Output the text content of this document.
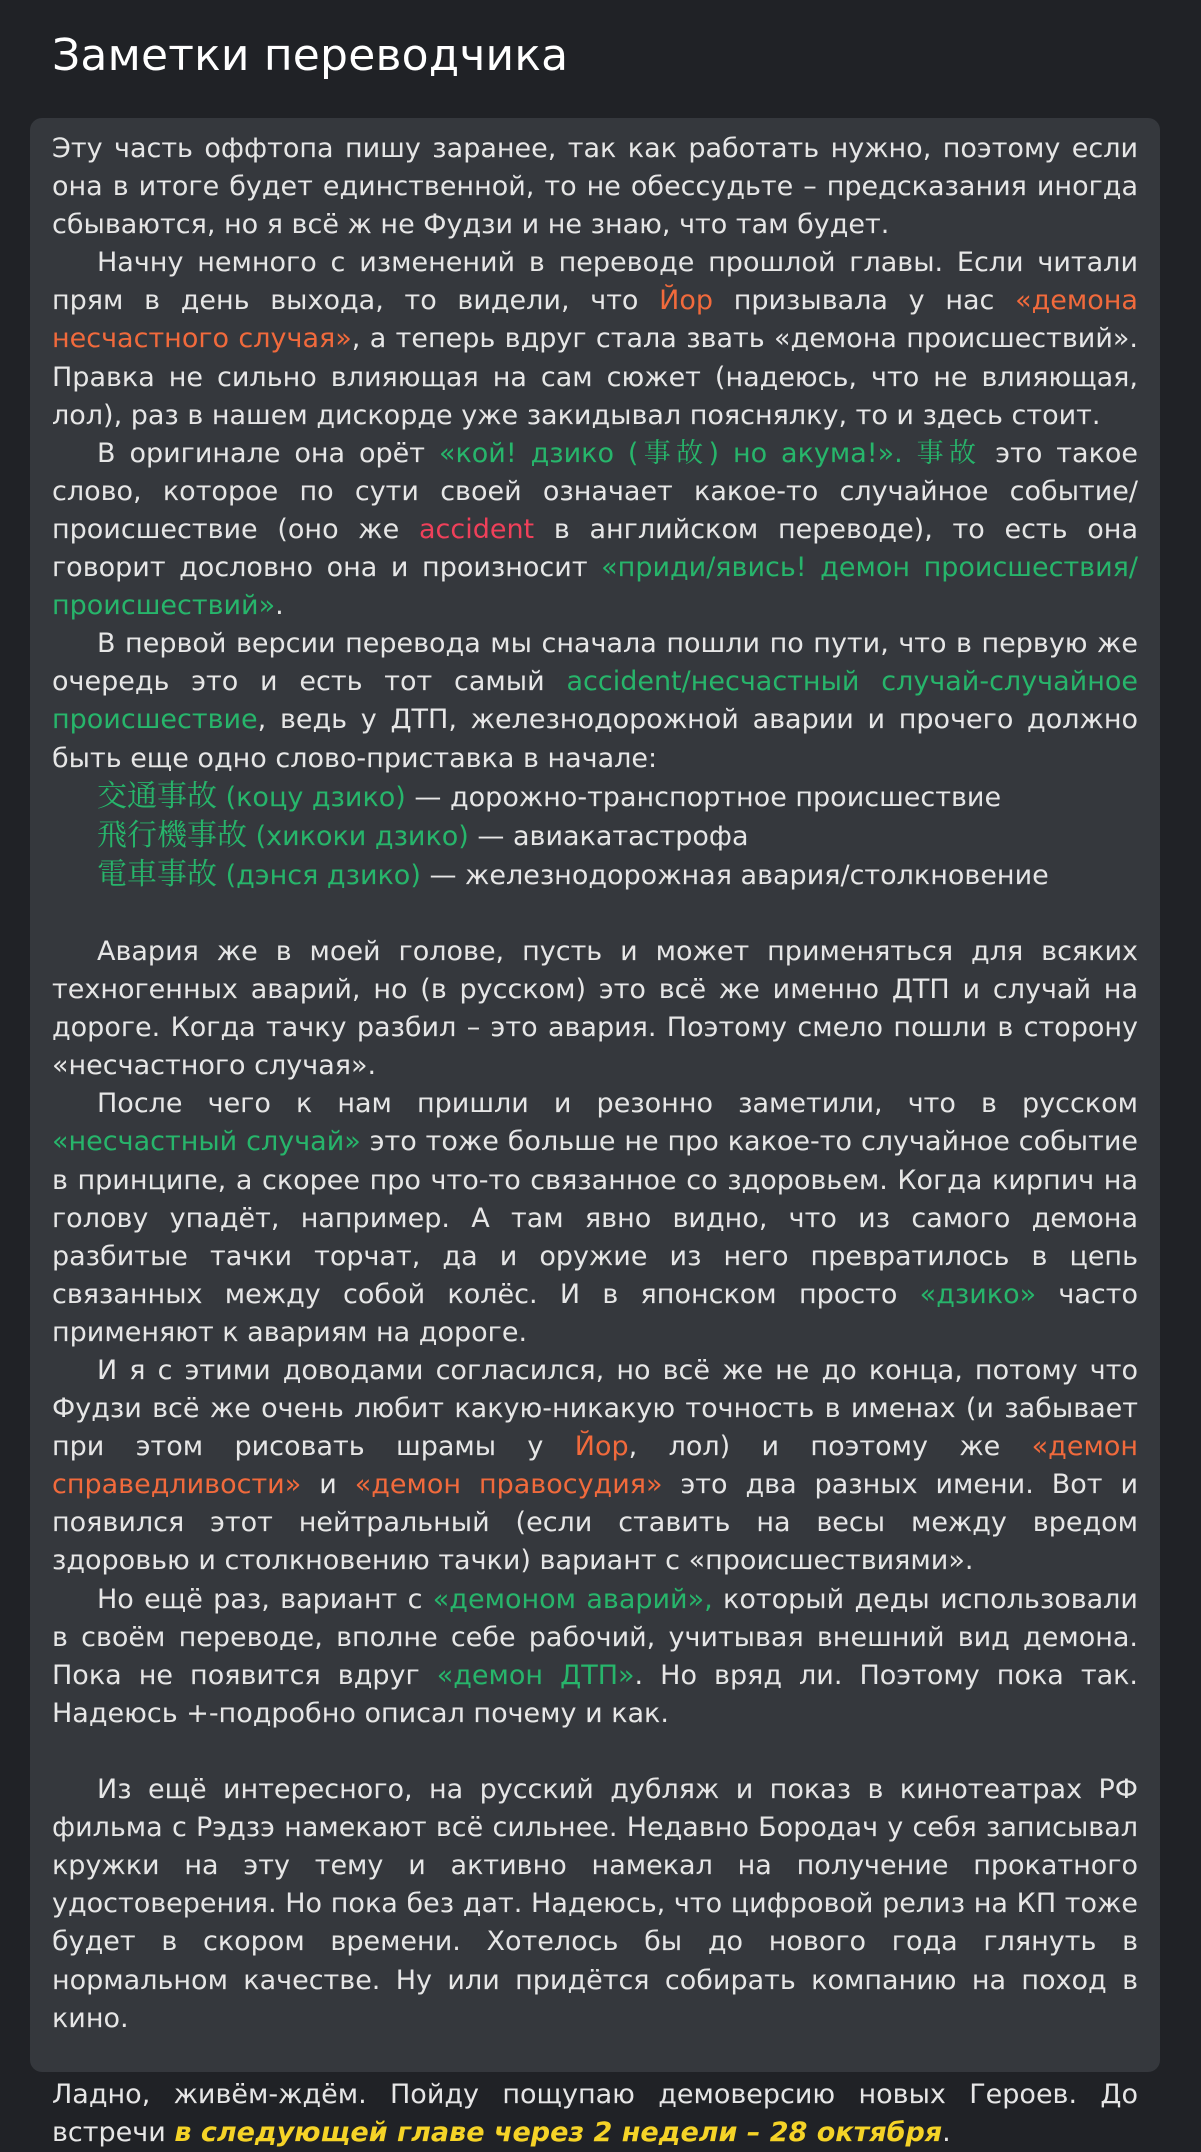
Заметки переводчика

Эту часть оффтопа пишу заранее, так как работать нужно, поэтому если она в итоге будет единственной, то не обессудьте – предсказания иногда сбываются, но я всё ж не Фудзи и не знаю, что там будет.

Начну немного с изменений в переводе прошлой главы. Если читали прям в день выхода, то видели, что Йор призывала у нас «демона несчастного случая», а теперь вдруг стала звать «демона происшествий». Правка не сильно влияющая на сам сюжет (надеюсь, что не влияющая, лол), раз в нашем дискорде уже закидывал пояснялку, то и здесь стоит.

В оригинале она орёт «кой! дзико (事故) но акума!». 事故 это такое слово, которое по сути своей означает какое-то случайное событие/происшествие (оно же accident в английском переводе), то есть она говорит дословно она и произносит «приди/явись! демон происшествия/происшествий».

В первой версии перевода мы сначала пошли по пути, что в первую же очередь это и есть тот самый accident/несчастный случай-случайное происшествие, ведь у ДТП, железнодорожной аварии и прочего должно быть еще одно слово-приставка в начале:

交通事故 (коцу дзико) — дорожно-транспортное происшествие

飛行機事故 (хикоки дзико) — авиакатастрофа

電車事故 (дэнся дзико) — железнодорожная авария/столкновение

Авария же в моей голове, пусть и может применяться для всяких техногенных аварий, но (в русском) это всё же именно ДТП и случай на дороге. Когда тачку разбил – это авария. Поэтому смело пошли в сторону «несчастного случая».

После чего к нам пришли и резонно заметили, что в русском «несчастный случай» это тоже больше не про какое-то случайное событие в принципе, а скорее про что-то связанное со здоровьем. Когда кирпич на голову упадёт, например. А там явно видно, что из самого демона разбитые тачки торчат, да и оружие из него превратилось в цепь связанных между собой колёс. И в японском просто «дзико» часто применяют к авариям на дороге.

И я с этими доводами согласился, но всё же не до конца, потому что Фудзи всё же очень любит какую-никакую точность в именах (и забывает при этом рисовать шрамы у Йор, лол) и поэтому же «демон справедливости» и «демон правосудия» это два разных имени. Вот и появился этот нейтральный (если ставить на весы между вредом здоровью и столкновению тачки) вариант с «происшествиями».

Но ещё раз, вариант с «демоном аварий», который деды использовали в своём переводе, вполне себе рабочий, учитывая внешний вид демона. Пока не появится вдруг «демон ДТП». Но вряд ли. Поэтому пока так. Надеюсь +-подробно описал почему и как.

Из ещё интересного, на русский дубляж и показ в кинотеатрах РФ фильма с Рэдзэ намекают всё сильнее. Недавно Бородач у себя записывал кружки на эту тему и активно намекал на получение прокатного удостоверения. Но пока без дат. Надеюсь, что цифровой релиз на КП тоже будет в скором времени. Хотелось бы до нового года глянуть в нормальном качестве. Ну или придётся собирать компанию на поход в кино.

Ладно, живём-ждём. Пойду пощупаю демоверсию новых Героев. До встречи в следующей главе через 2 недели – 28 октября.
